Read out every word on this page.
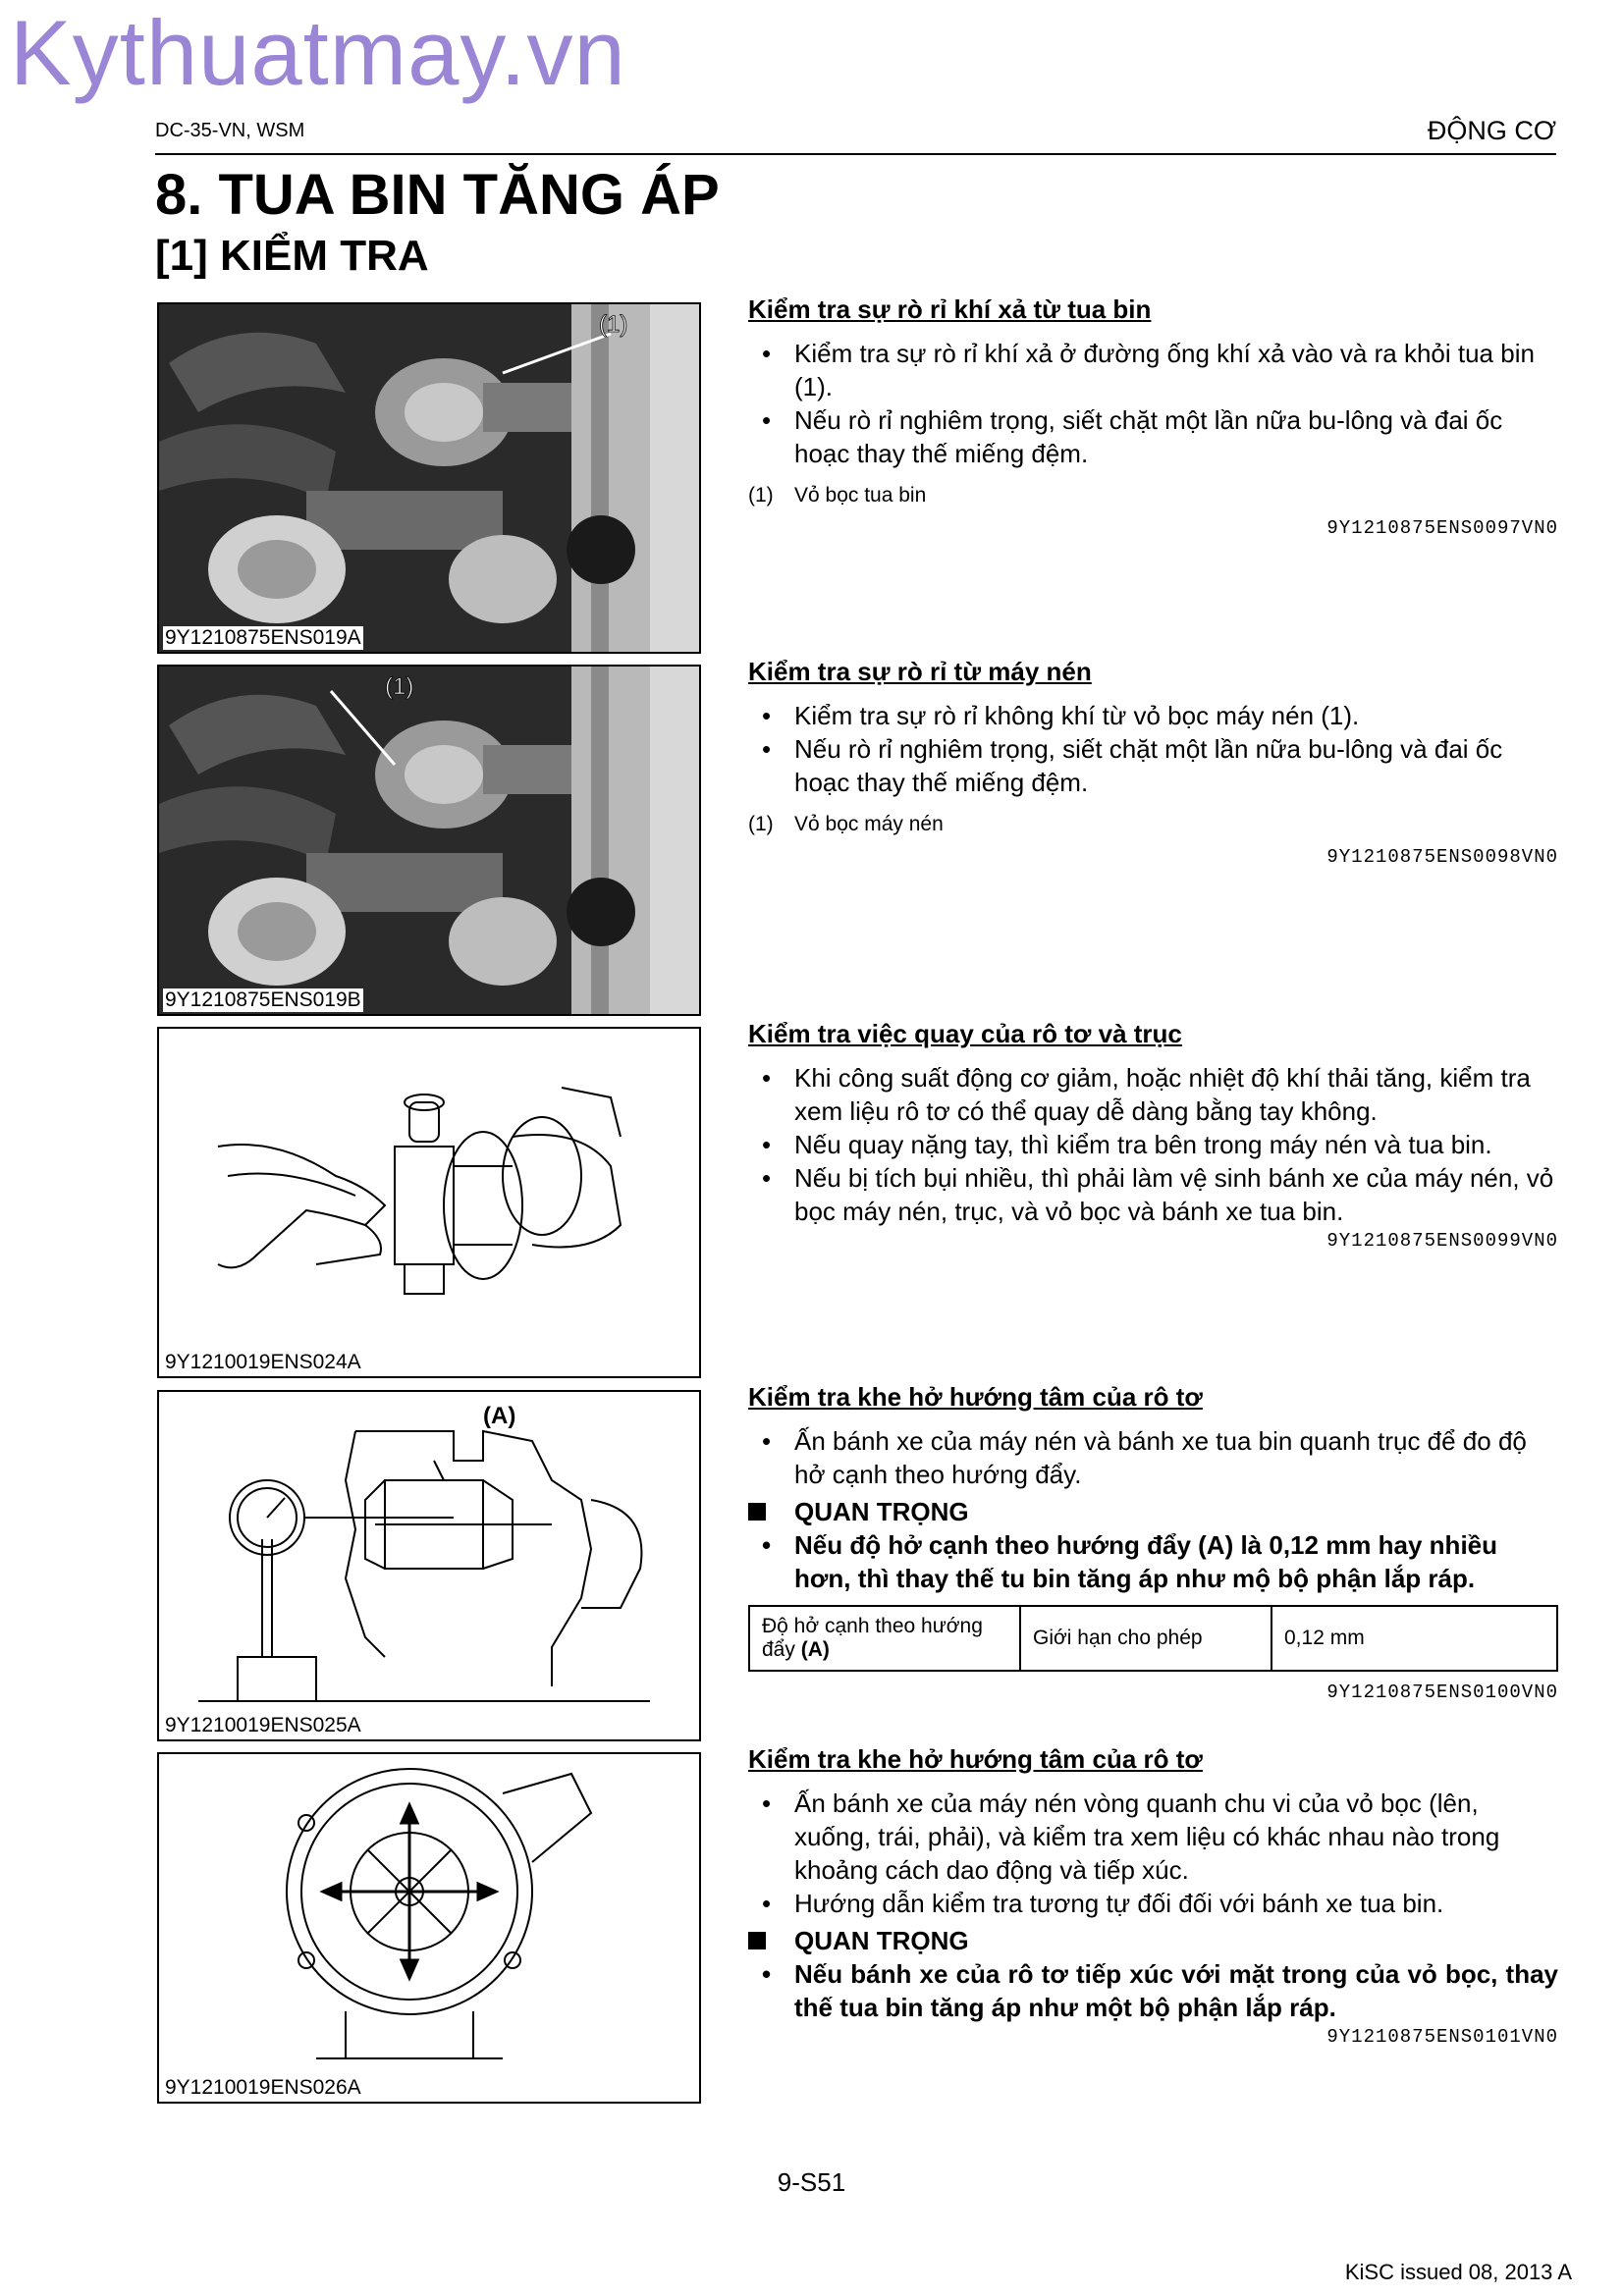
Kythuatmay.vn
DC-35-VN, WSM	ĐỘNG CƠ
8. TUA BIN TĂNG ÁP
[1] KIỂM TRA
(1)
9Y1210875ENS019A
(1)
9Y1210875ENS019B
9Y1210019ENS024A
(A)
9Y1210019ENS025A
9Y1210019ENS026A
Kiểm tra sự rò rỉ khí xả từ tua bin
• Kiểm tra sự rò rỉ khí xả ở đường ống khí xả vào và ra khỏi tua bin (1).
• Nếu rò rỉ nghiêm trọng, siết chặt một lần nữa bu-lông và đai ốc hoạc thay thế miếng đệm.
(1)	Vỏ bọc tua bin
9Y1210875ENS0097VN0
Kiểm tra sự rò rỉ từ máy nén
• Kiểm tra sự rò rỉ không khí từ vỏ bọc máy nén (1).
• Nếu rò rỉ nghiêm trọng, siết chặt một lần nữa bu-lông và đai ốc hoạc thay thế miếng đệm.
(1)	Vỏ bọc máy nén
9Y1210875ENS0098VN0
Kiểm tra việc quay của rô tơ và trục
• Khi công suất động cơ giảm, hoặc nhiệt độ khí thải tăng, kiểm tra xem liệu rô tơ có thể quay dễ dàng bằng tay không.
• Nếu quay nặng tay, thì kiểm tra bên trong máy nén và tua bin.
• Nếu bị tích bụi nhiều, thì phải làm vệ sinh bánh xe của máy nén, vỏ bọc máy nén, trục, và vỏ bọc và bánh xe tua bin.
9Y1210875ENS0099VN0
Kiểm tra khe hở hướng tâm của rô tơ
• Ấn bánh xe của máy nén và bánh xe tua bin quanh trục để đo độ hở cạnh theo hướng đẩy.
QUAN TRỌNG
• Nếu độ hở cạnh theo hướng đẩy (A) là 0,12 mm hay nhiều hơn, thì thay thế tu bin tăng áp như mộ bộ phận lắp ráp.
Độ hở cạnh theo hướng đẩy (A)	Giới hạn cho phép	0,12 mm
9Y1210875ENS0100VN0
Kiểm tra khe hở hướng tâm của rô tơ
• Ấn bánh xe của máy nén vòng quanh chu vi của vỏ bọc (lên, xuống, trái, phải), và kiểm tra xem liệu có khác nhau nào trong khoảng cách dao động và tiếp xúc.
• Hướng dẫn kiểm tra tương tự đối đối với bánh xe tua bin.
QUAN TRỌNG
• Nếu bánh xe của rô tơ tiếp xúc với mặt trong của vỏ bọc, thay thế tua bin tăng áp như một bộ phận lắp ráp.
9Y1210875ENS0101VN0
9-S51
KiSC issued 08, 2013 A
